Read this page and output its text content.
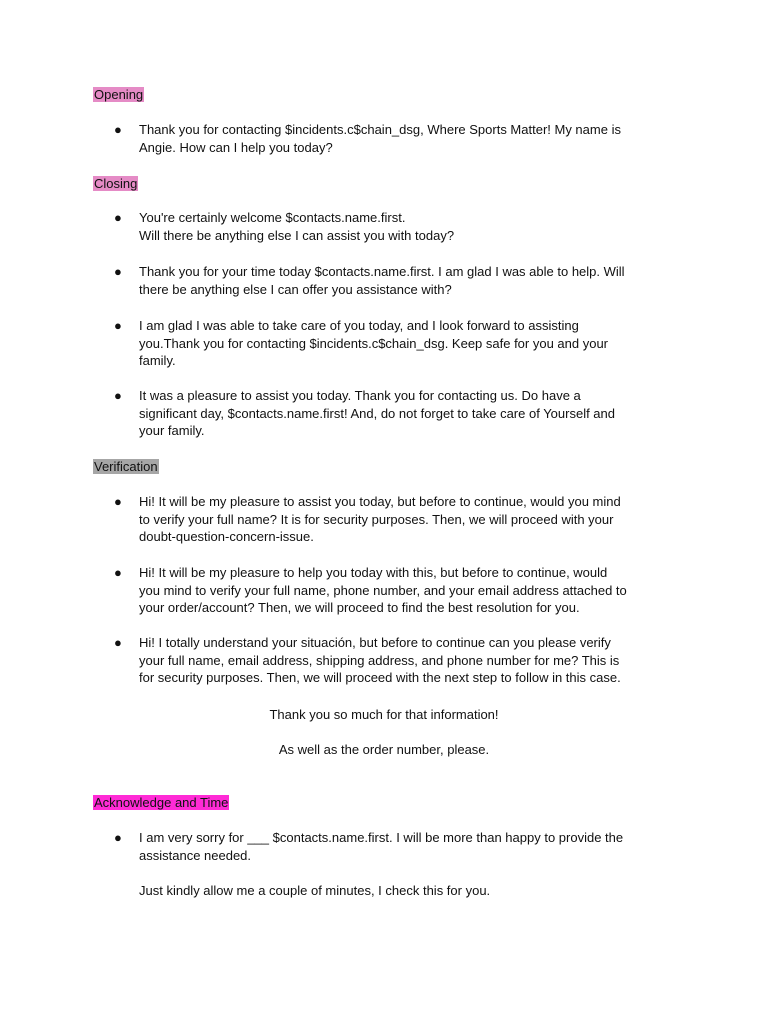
Opening
● Thank you for contacting $incidents.c$chain_dsg, Where Sports Matter! My name is
Angie. How can I help you today?
Closing
● You're certainly welcome $contacts.name.first.
Will there be anything else I can assist you with today?
● Thank you for your time today $contacts.name.first. I am glad I was able to help. Will
there be anything else I can offer you assistance with?
● I am glad I was able to take care of you today, and I look forward to assisting
you.Thank you for contacting $incidents.c$chain_dsg. Keep safe for you and your
family.
● It was a pleasure to assist you today. Thank you for contacting us. Do have a
significant day, $contacts.name.first! And, do not forget to take care of Yourself and
your family.
Verification
● Hi! It will be my pleasure to assist you today, but before to continue, would you mind
to verify your full name? It is for security purposes. Then, we will proceed with your
doubt-question-concern-issue.
● Hi! It will be my pleasure to help you today with this, but before to continue, would
you mind to verify your full name, phone number, and your email address attached to
your order/account? Then, we will proceed to find the best resolution for you.
● Hi! I totally understand your situación, but before to continue can you please verify
your full name, email address, shipping address, and phone number for me? This is
for security purposes. Then, we will proceed with the next step to follow in this case.
Thank you so much for that information!
As well as the order number, please.
Acknowledge and Time
● I am very sorry for ___ $contacts.name.first. I will be more than happy to provide the
assistance needed.
Just kindly allow me a couple of minutes, I check this for you.
